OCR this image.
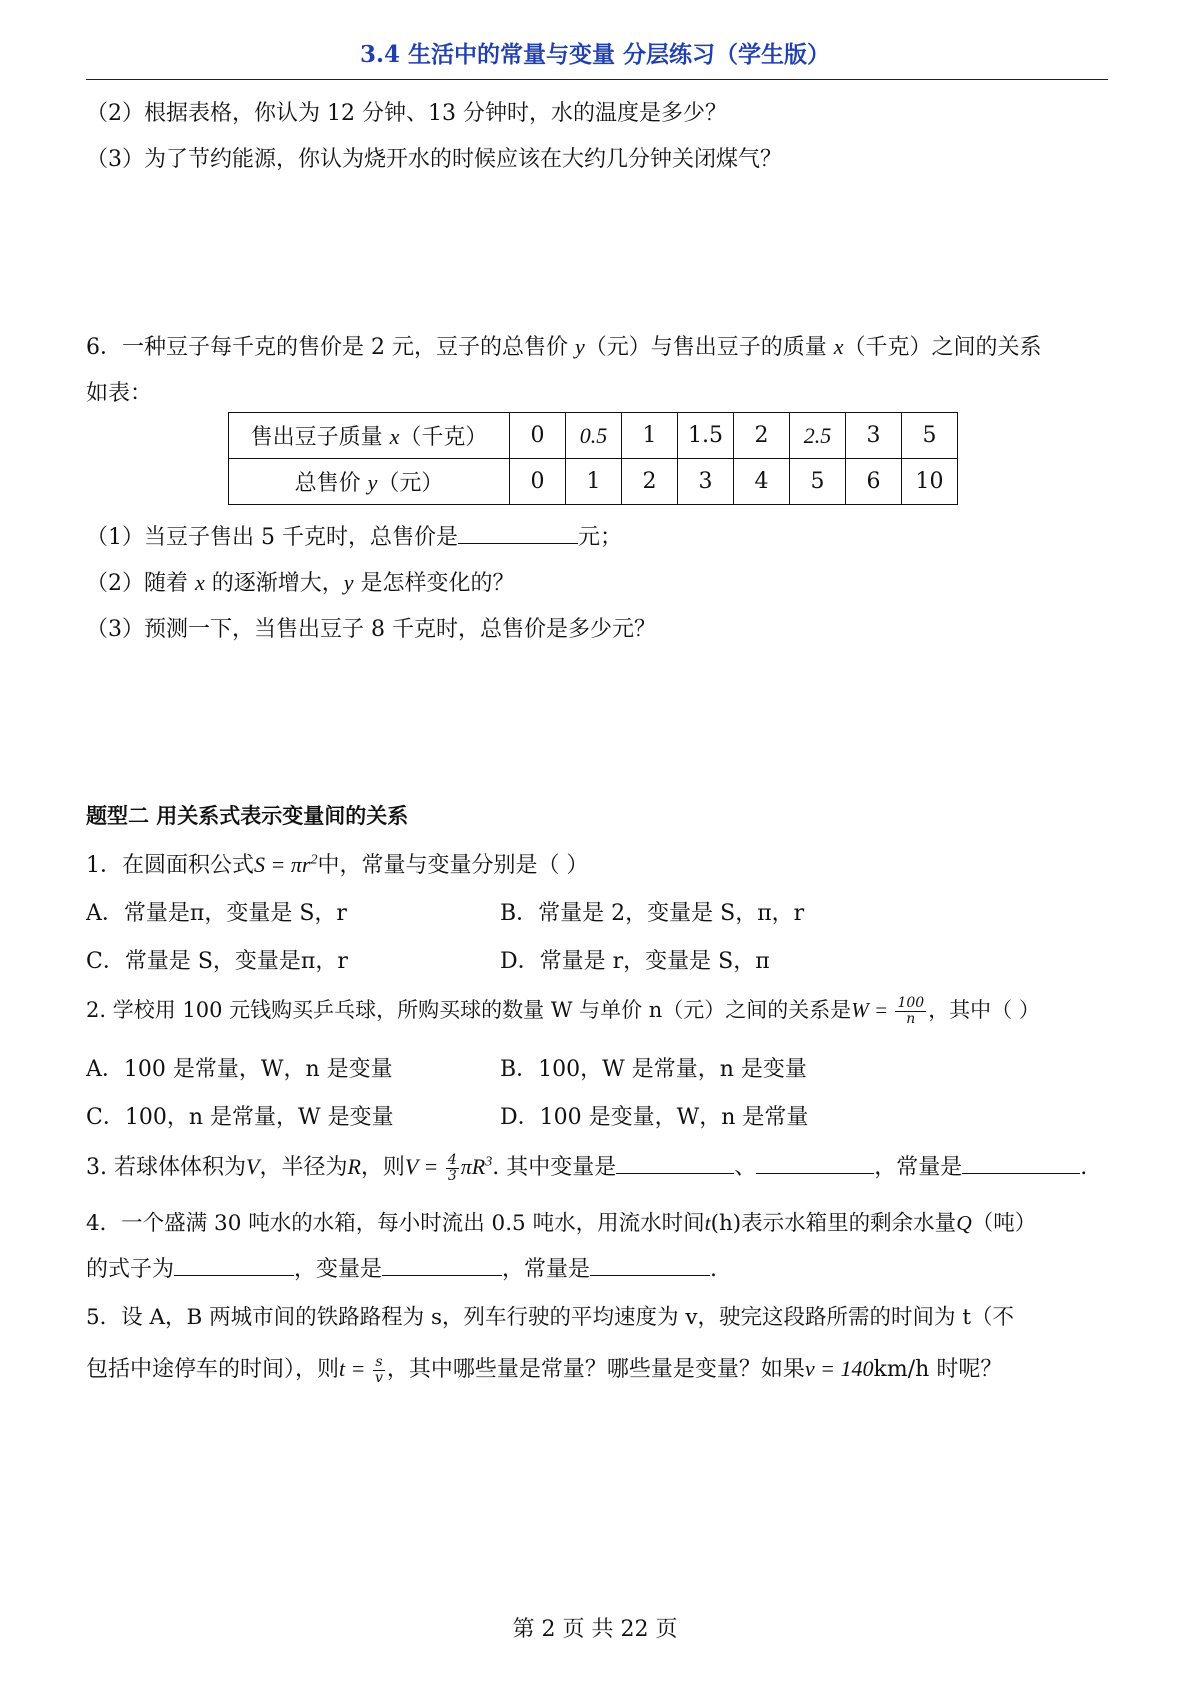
3.4 生活中的常量与变量 分层练习（学生版）
（2）根据表格，你认为 12 分钟、13 分钟时，水的温度是多少？
（3）为了节约能源，你认为烧开水的时候应该在大约几分钟关闭煤气？
6．一种豆子每千克的售价是 2 元，豆子的总售价 y（元）与售出豆子的质量 x（千克）之间的关系
如表：
售出豆子质量 x（千克）	0	0.5	1	1.5	2	2.5	3	5
总售价 y（元）	0	1	2	3	4	5	6	10
（1）当豆子售出 5 千克时，总售价是	元；
（2）随着 x 的逐渐增大，y 是怎样变化的？
（3）预测一下，当售出豆子 8 千克时，总售价是多少元？
题型二 用关系式表示变量间的关系
1．在圆面积公式$S = \pi r^2$中，常量与变量分别是（ ）
A．常量是π，变量是 S，r	B．常量是 2，变量是 S，π，r
C．常量是 S，变量是π，r	D．常量是 r，变量是 S，π
2. 学校用 100 元钱购买乒乓球，所购买球的数量 W 与单价 n（元）之间的关系是$W = \frac{100}{n}$ ，其中（ ）
A．100 是常量，W，n 是变量	B．100，W 是常量，n 是变量
C．100，n 是常量，W 是变量	D．100 是变量，W，n 是常量
3. 若球体体积为V，半径为R，则$V = \frac{4}{3} \pi R^3$. 其中变量是	、	，常量是	.
4．一个盛满 30 吨水的水箱，每小时流出 0.5 吨水，用流水时间t(h)表示水箱里的剩余水量Q（吨）
的式子为	，变量是	，常量是	.
5．设 A，B 两城市间的铁路路程为 s，列车行驶的平均速度为 v，驶完这段路所需的时间为 t（不
包括中途停车的时间），则$t = \frac{s}{v}$ ，其中哪些量是常量？哪些量是变量？如果v = 140km/h 时呢？
第 2 页 共 22 页
